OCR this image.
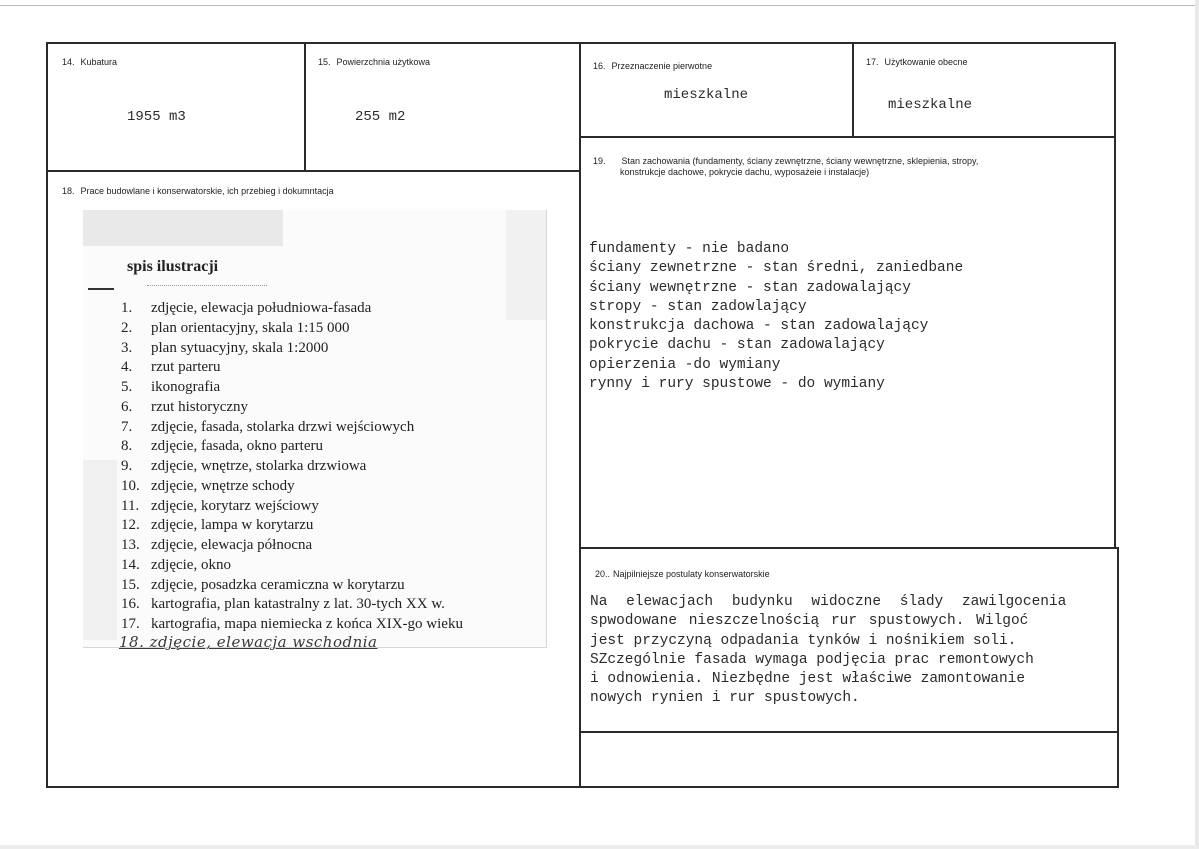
14. Kubatura
1955 m3
15. Powierzchnia użytkowa
255 m2
16. Przeznaczenie pierwotne
mieszkalne
17. Użytkowanie obecne
mieszkalne
18. Prace budowlane i konserwatorskie, ich przebieg i dokumntacja
spis ilustracji
1. zdjęcie, elewacja południowa-fasada
2. plan orientacyjny, skala 1:15 000
3. plan sytuacyjny, skala 1:2000
4. rzut parteru
5. ikonografia
6. rzut historyczny
7. zdjęcie, fasada, stolarka drzwi wejściowych
8. zdjęcie, fasada, okno parteru
9. zdjęcie, wnętrze, stolarka drzwiowa
10. zdjęcie, wnętrze schody
11. zdjęcie, korytarz wejściowy
12. zdjęcie, lampa w korytarzu
13. zdjęcie, elewacja północna
14. zdjęcie, okno
15. zdjęcie, posadzka ceramiczna w korytarzu
16. kartografia, plan katastralny z lat. 30-tych XX w.
17. kartografia, mapa niemiecka z końca XIX-go wieku
18. zdjęcie, elewacja wschodnia
19. Stan zachowania (fundamenty, ściany zewnętrzne, ściany wewnętrzne, sklepienia, stropy,
konstrukcje dachowe, pokrycie dachu, wyposażeie i instalacje)
fundamenty - nie badano
ściany zewnetrzne - stan średni, zaniedbane
ściany wewnętrzne - stan zadowalający
stropy - stan zadowlający
konstrukcja dachowa - stan zadowalający
pokrycie dachu - stan zadowalający
opierzenia -do wymiany
rynny i rury spustowe - do wymiany
20.. Najpilniejsze postulaty konserwatorskie
Na elewacjach budynku widoczne ślady zawilgocenia
spwodowane nieszczelnością rur spustowych. Wilgoć
jest przyczyną odpadania tynków i nośnikiem soli.
SZczególnie fasada wymaga podjęcia prac remontowych
i odnowienia. Niezbędne jest właściwe zamontowanie
nowych rynien i rur spustowych.
